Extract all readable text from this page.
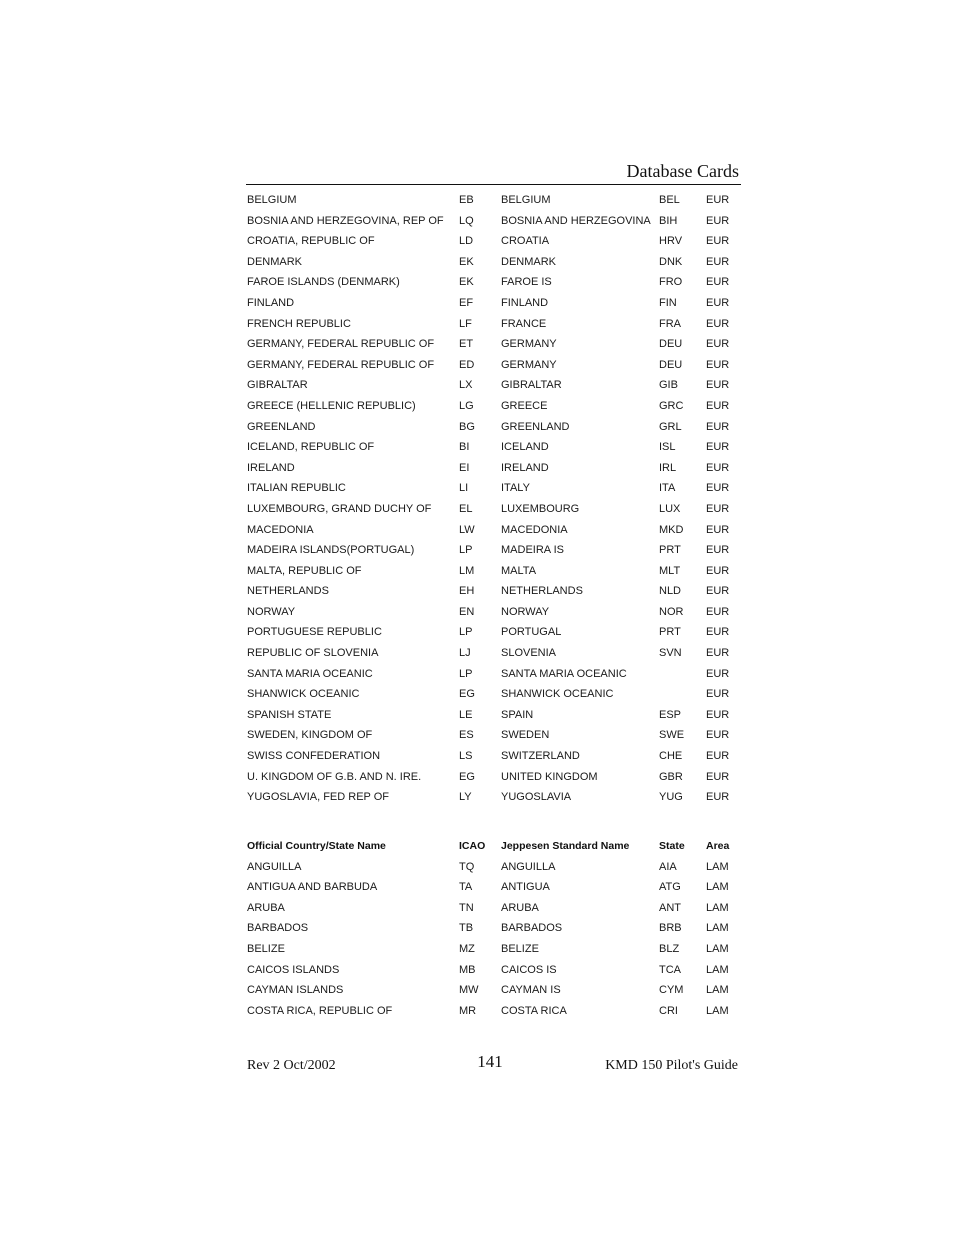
Database Cards
BELGIUM	EB	BELGIUM	BEL	EUR
BOSNIA AND HERZEGOVINA, REP OF	LQ	BOSNIA AND HERZEGOVINA	BIH	EUR
CROATIA, REPUBLIC OF	LD	CROATIA	HRV	EUR
DENMARK	EK	DENMARK	DNK	EUR
FAROE ISLANDS (DENMARK)	EK	FAROE IS	FRO	EUR
FINLAND	EF	FINLAND	FIN	EUR
FRENCH REPUBLIC	LF	FRANCE	FRA	EUR
GERMANY, FEDERAL REPUBLIC OF	ET	GERMANY	DEU	EUR
GERMANY, FEDERAL REPUBLIC OF	ED	GERMANY	DEU	EUR
GIBRALTAR	LX	GIBRALTAR	GIB	EUR
GREECE (HELLENIC REPUBLIC)	LG	GREECE	GRC	EUR
GREENLAND	BG	GREENLAND	GRL	EUR
ICELAND, REPUBLIC OF	BI	ICELAND	ISL	EUR
IRELAND	EI	IRELAND	IRL	EUR
ITALIAN REPUBLIC	LI	ITALY	ITA	EUR
LUXEMBOURG, GRAND DUCHY OF	EL	LUXEMBOURG	LUX	EUR
MACEDONIA	LW	MACEDONIA	MKD	EUR
MADEIRA ISLANDS(PORTUGAL)	LP	MADEIRA IS	PRT	EUR
MALTA, REPUBLIC OF	LM	MALTA	MLT	EUR
NETHERLANDS	EH	NETHERLANDS	NLD	EUR
NORWAY	EN	NORWAY	NOR	EUR
PORTUGUESE REPUBLIC	LP	PORTUGAL	PRT	EUR
REPUBLIC OF SLOVENIA	LJ	SLOVENIA	SVN	EUR
SANTA MARIA OCEANIC	LP	SANTA MARIA OCEANIC		EUR
SHANWICK OCEANIC	EG	SHANWICK OCEANIC		EUR
SPANISH STATE	LE	SPAIN	ESP	EUR
SWEDEN, KINGDOM OF	ES	SWEDEN	SWE	EUR
SWISS CONFEDERATION	LS	SWITZERLAND	CHE	EUR
U. KINGDOM OF G.B. AND N. IRE.	EG	UNITED KINGDOM	GBR	EUR
YUGOSLAVIA, FED REP OF	LY	YUGOSLAVIA	YUG	EUR
Official Country/State Name	ICAO	Jeppesen Standard Name	State	Area
ANGUILLA	TQ	ANGUILLA	AIA	LAM
ANTIGUA AND BARBUDA	TA	ANTIGUA	ATG	LAM
ARUBA	TN	ARUBA	ANT	LAM
BARBADOS	TB	BARBADOS	BRB	LAM
BELIZE	MZ	BELIZE	BLZ	LAM
CAICOS ISLANDS	MB	CAICOS IS	TCA	LAM
CAYMAN ISLANDS	MW	CAYMAN IS	CYM	LAM
COSTA RICA, REPUBLIC OF	MR	COSTA RICA	CRI	LAM
Rev 2 Oct/2002	141	KMD 150 Pilot's Guide
